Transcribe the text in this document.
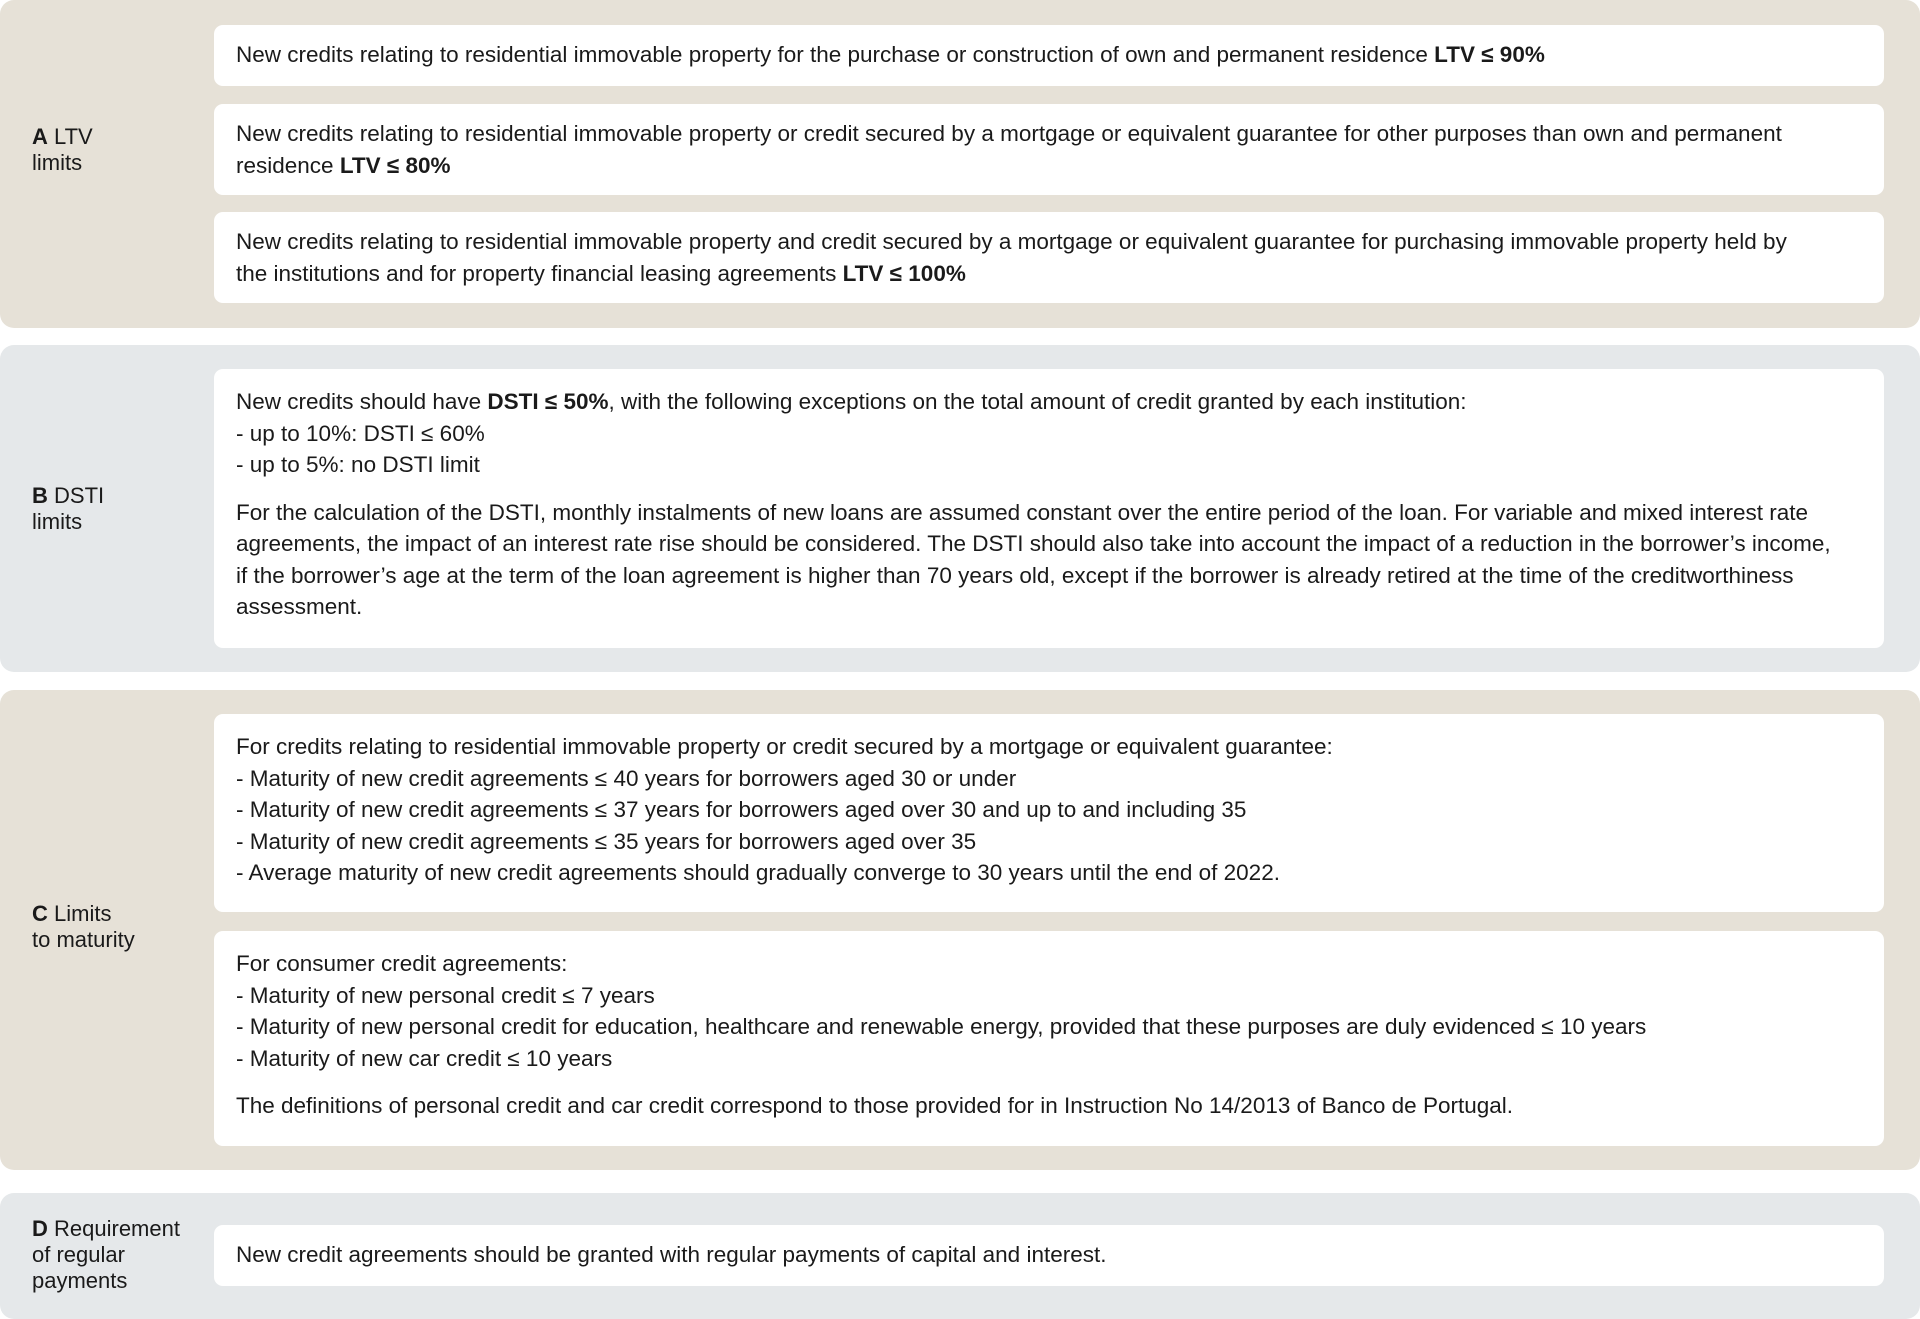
A LTV
limits

New credits relating to residential immovable property for the purchase or construction of own and permanent residence LTV ≤ 90%

New credits relating to residential immovable property or credit secured by a mortgage or equivalent guarantee for other purposes than own and permanent

residence LTV ≤ 80%

New credits relating to residential immovable property and credit secured by a mortgage or equivalent guarantee for purchasing immovable property held by

the institutions and for property financial leasing agreements LTV ≤ 100%

B DSTI
limits

New credits should have DSTI ≤ 50%, with the following exceptions on the total amount of credit granted by each institution:

- up to 10%: DSTI ≤ 60%

- up to 5%: no DSTI limit

For the calculation of the DSTI, monthly instalments of new loans are assumed constant over the entire period of the loan. For variable and mixed interest rate

agreements, the impact of an interest rate rise should be considered. The DSTI should also take into account the impact of a reduction in the borrower’s income,

if the borrower’s age at the term of the loan agreement is higher than 70 years old, except if the borrower is already retired at the time of the creditworthiness

assessment.

C Limits
to maturity

For credits relating to residential immovable property or credit secured by a mortgage or equivalent guarantee:

- Maturity of new credit agreements ≤ 40 years for borrowers aged 30 or under

- Maturity of new credit agreements ≤ 37 years for borrowers aged over 30 and up to and including 35

- Maturity of new credit agreements ≤ 35 years for borrowers aged over 35

- Average maturity of new credit agreements should gradually converge to 30 years until the end of 2022.

For consumer credit agreements:

- Maturity of new personal credit ≤ 7 years

- Maturity of new personal credit for education, healthcare and renewable energy, provided that these purposes are duly evidenced ≤ 10 years

- Maturity of new car credit ≤ 10 years

The definitions of personal credit and car credit correspond to those provided for in Instruction No 14/2013 of Banco de Portugal.

D Requirement
of regular
payments

New credit agreements should be granted with regular payments of capital and interest.
